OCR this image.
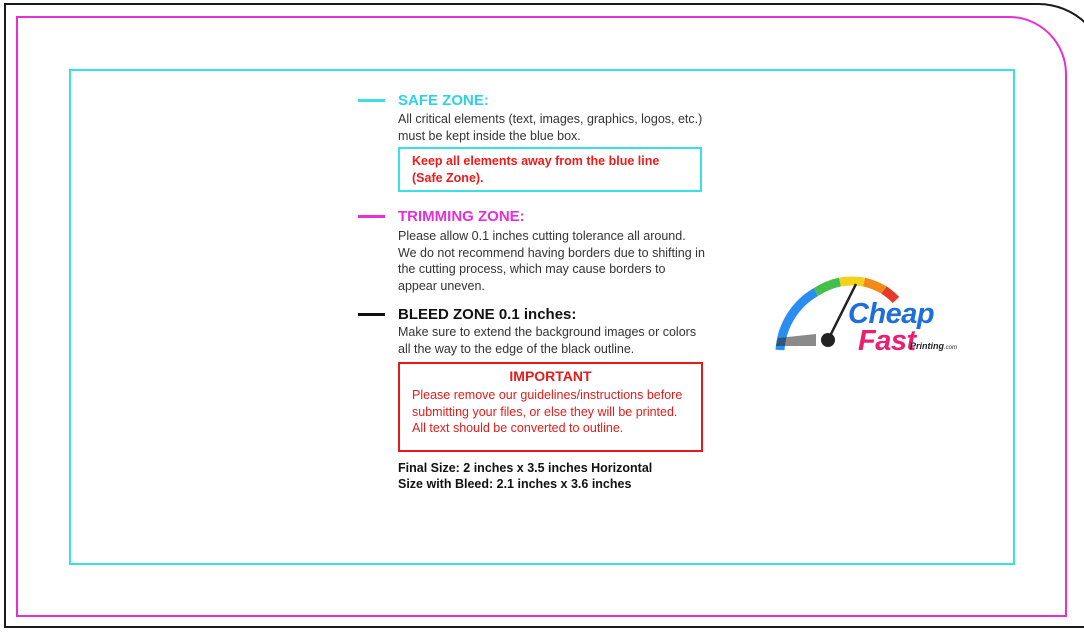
SAFE ZONE:
All critical elements (text, images, graphics, logos, etc.)
must be kept inside the blue box.
Keep all elements away from the blue line
(Safe Zone).
TRIMMING ZONE:
Please allow 0.1 inches cutting tolerance all around.
We do not recommend having borders due to shifting in
the cutting process, which may cause borders to
appear uneven.
BLEED ZONE 0.1 inches:
Make sure to extend the background images or colors
all the way to the edge of the black outline.
IMPORTANT
Please remove our guidelines/instructions before
submitting your files, or else they will be printed.
All text should be converted to outline.
Final Size: 2 inches x 3.5 inches Horizontal
Size with Bleed: 2.1 inches x 3.6 inches
Cheap
Fast
Printing.com
